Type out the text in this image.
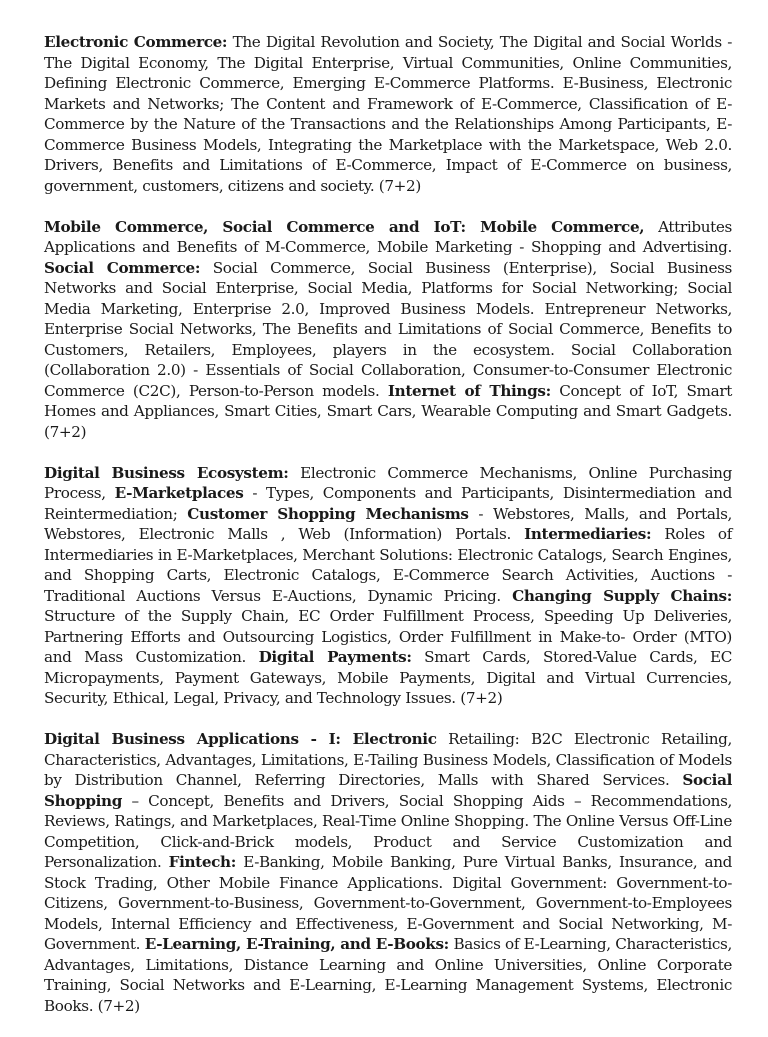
Electronic Commerce: The Digital Revolution and Society, The Digital and Social Worlds - The Digital Economy, The Digital Enterprise, Virtual Communities, Online Communities, Defining Electronic Commerce, Emerging E-Commerce Platforms. E-Business, Electronic Markets and Networks; The Content and Framework of E-Commerce, Classification of E-Commerce by the Nature of the Transactions and the Relationships Among Participants, E-Commerce Business Models, Integrating the Marketplace with the Marketspace, Web 2.0. Drivers, Benefits and Limitations of E-Commerce, Impact of E-Commerce on business, government, customers, citizens and society. (7+2)

Mobile Commerce, Social Commerce and IoT: Mobile Commerce, Attributes Applications and Benefits of M-Commerce, Mobile Marketing - Shopping and Advertising. Social Commerce: Social Commerce, Social Business (Enterprise), Social Business Networks and Social Enterprise, Social Media, Platforms for Social Networking; Social Media Marketing, Enterprise 2.0, Improved Business Models. Entrepreneur Networks, Enterprise Social Networks, The Benefits and Limitations of Social Commerce, Benefits to Customers, Retailers, Employees, players in the ecosystem. Social Collaboration (Collaboration 2.0) - Essentials of Social Collaboration, Consumer-to-Consumer Electronic Commerce (C2C), Person-to-Person models. Internet of Things: Concept of IoT, Smart Homes and Appliances, Smart Cities, Smart Cars, Wearable Computing and Smart Gadgets. (7+2)

Digital Business Ecosystem: Electronic Commerce Mechanisms, Online Purchasing Process, E-Marketplaces - Types, Components and Participants, Disintermediation and Reintermediation; Customer Shopping Mechanisms - Webstores, Malls, and Portals, Webstores, Electronic Malls , Web (Information) Portals. Intermediaries: Roles of Intermediaries in E-Marketplaces, Merchant Solutions: Electronic Catalogs, Search Engines, and Shopping Carts, Electronic Catalogs, E-Commerce Search Activities, Auctions - Traditional Auctions Versus E-Auctions, Dynamic Pricing. Changing Supply Chains: Structure of the Supply Chain, EC Order Fulfillment Process, Speeding Up Deliveries, Partnering Efforts and Outsourcing Logistics, Order Fulfillment in Make-to- Order (MTO) and Mass Customization. Digital Payments: Smart Cards, Stored-Value Cards, EC Micropayments, Payment Gateways, Mobile Payments, Digital and Virtual Currencies, Security, Ethical, Legal, Privacy, and Technology Issues. (7+2)

Digital Business Applications - I: Electronic Retailing: B2C Electronic Retailing, Characteristics, Advantages, Limitations, E-Tailing Business Models, Classification of Models by Distribution Channel, Referring Directories, Malls with Shared Services. Social Shopping – Concept, Benefits and Drivers, Social Shopping Aids – Recommendations, Reviews, Ratings, and Marketplaces, Real-Time Online Shopping. The Online Versus Off-Line Competition, Click-and-Brick models, Product and Service Customization and Personalization. Fintech: E-Banking, Mobile Banking, Pure Virtual Banks, Insurance, and Stock Trading, Other Mobile Finance Applications. Digital Government: Government-to-Citizens, Government-to-Business, Government-to-Government, Government-to-Employees Models, Internal Efficiency and Effectiveness, E-Government and Social Networking, M-Government. E-Learning, E-Training, and E-Books: Basics of E-Learning, Characteristics, Advantages, Limitations, Distance Learning and Online Universities, Online Corporate Training, Social Networks and E-Learning, E-Learning Management Systems, Electronic Books. (7+2)
